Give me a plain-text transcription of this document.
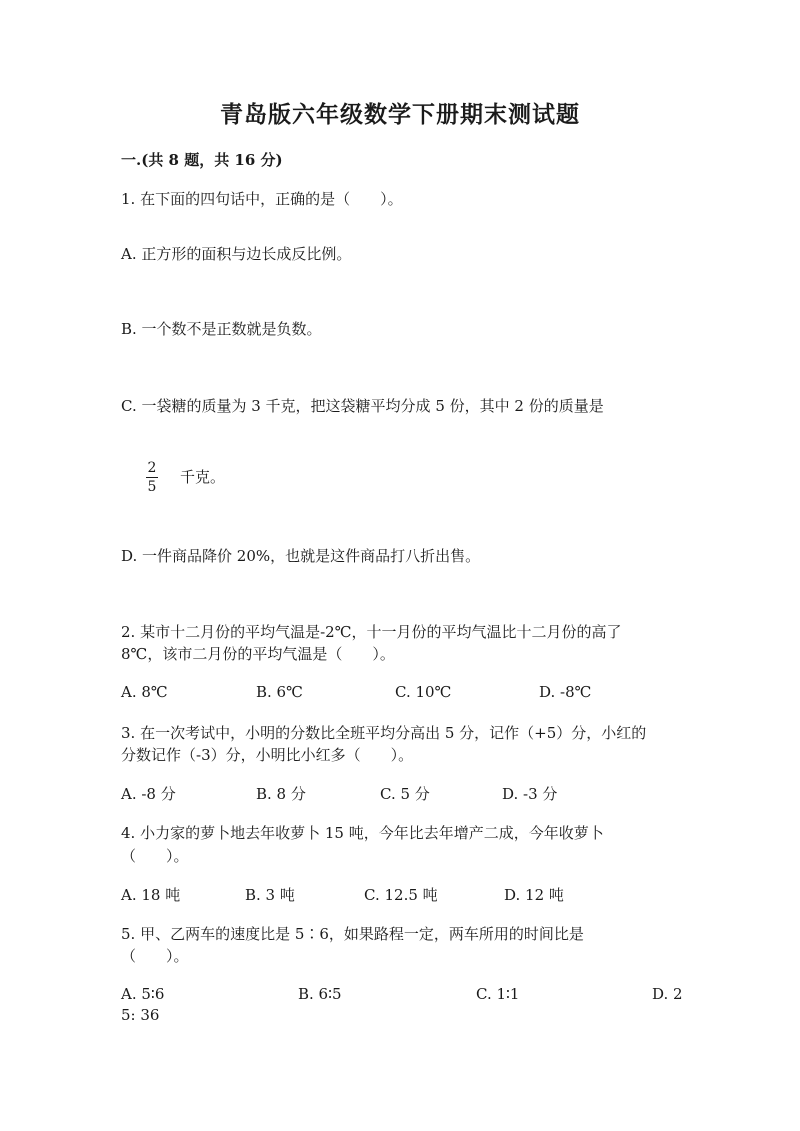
青岛版六年级数学下册期末测试题
一.(共 8 题，共 16 分)
1. 在下面的四句话中，正确的是（　　）。
A. 正方形的面积与边长成反比例。
B. 一个数不是正数就是负数。
C. 一袋糖的质量为 3 千克，把这袋糖平均分成 5 份，其中 2 份的质量是
2
5
千克。
D. 一件商品降价 20%，也就是这件商品打八折出售。
2. 某市十二月份的平均气温是-2℃，十一月份的平均气温比十二月份的高了
8℃，该市二月份的平均气温是（　　）。
A. 8℃	B. 6℃	C. 10℃	D. -8℃
3. 在一次考试中，小明的分数比全班平均分高出 5 分，记作（+5）分，小红的
分数记作（-3）分，小明比小红多（　　）。
A. -8 分	B. 8 分	C. 5 分	D. -3 分
4. 小力家的萝卜地去年收萝卜 15 吨，今年比去年增产二成，今年收萝卜
（　　）。
A. 18 吨	B. 3 吨	C. 12.5 吨	D. 12 吨
5. 甲、乙两车的速度比是 5∶6，如果路程一定，两车所用的时间比是
（　　）。
A. 5∶6	B. 6∶5	C. 1∶1	D. 2
5: 36
